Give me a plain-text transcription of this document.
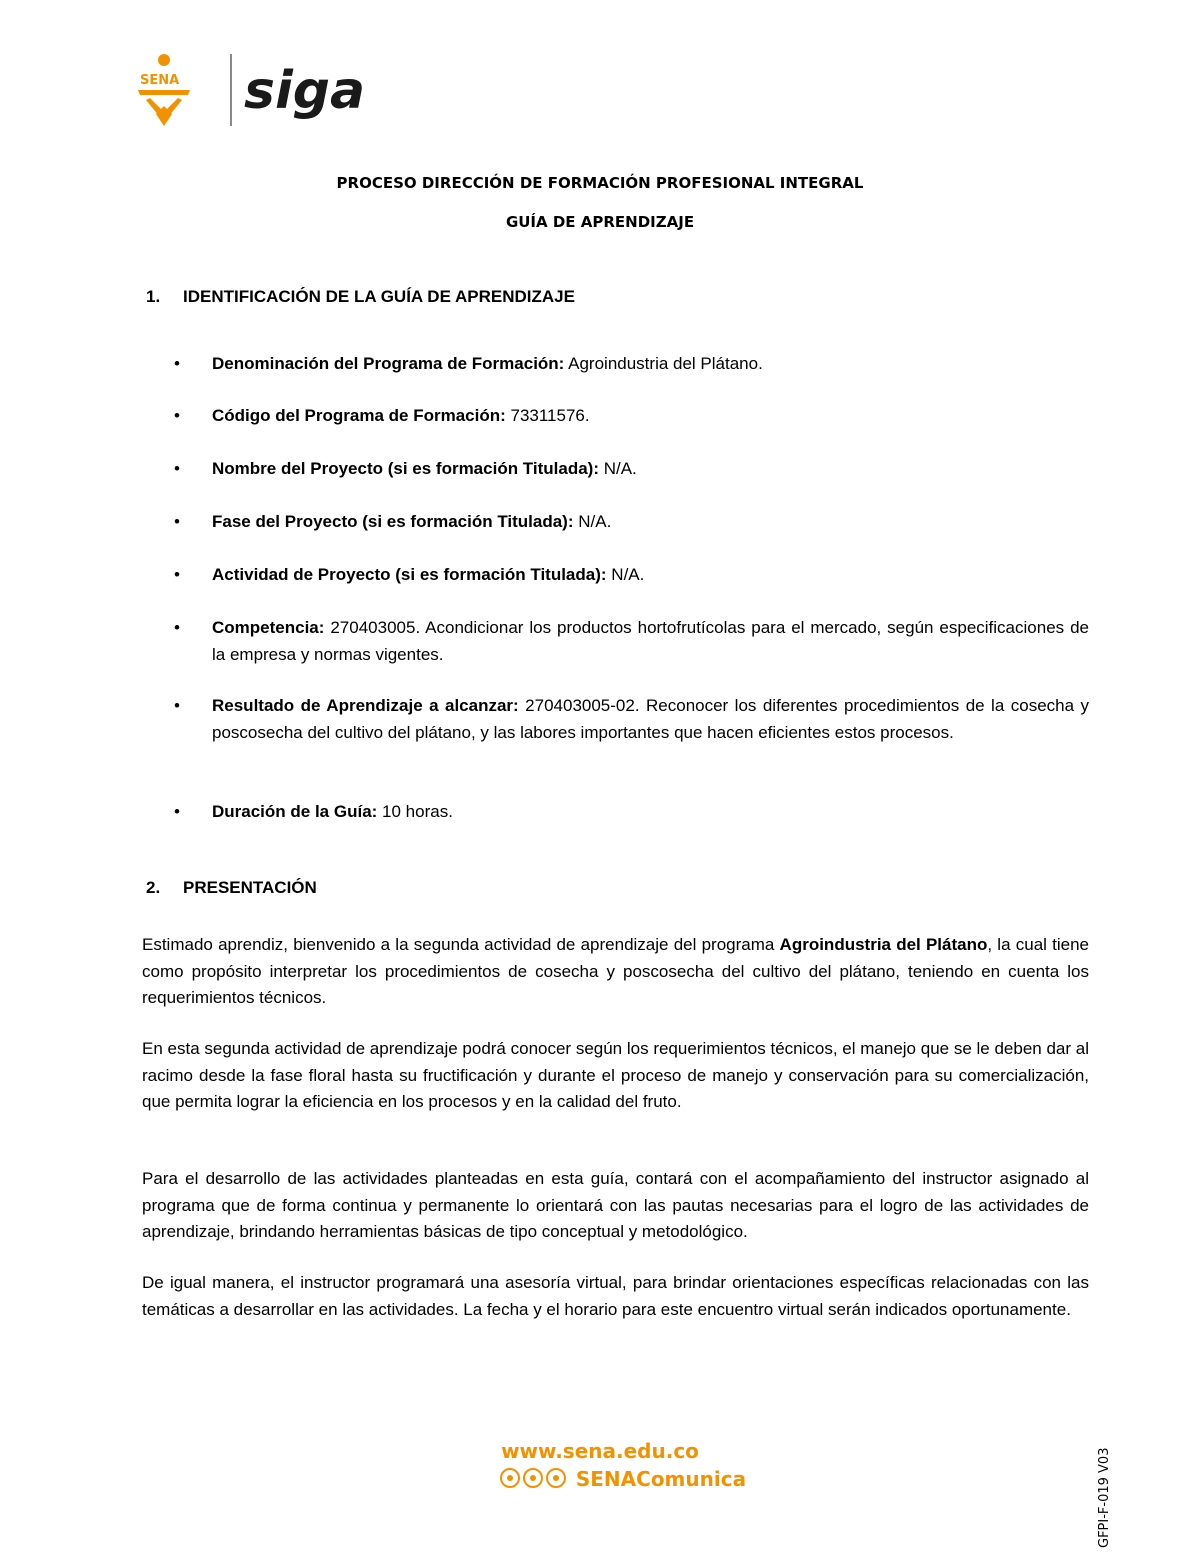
SENA siga
PROCESO DIRECCIÓN DE FORMACIÓN PROFESIONAL INTEGRAL
GUÍA DE APRENDIZAJE
1. IDENTIFICACIÓN DE LA GUÍA DE APRENDIZAJE
• Denominación del Programa de Formación: Agroindustria del Plátano.
• Código del Programa de Formación: 73311576.
• Nombre del Proyecto (si es formación Titulada): N/A.
• Fase del Proyecto (si es formación Titulada): N/A.
• Actividad de Proyecto (si es formación Titulada): N/A.
• Competencia: 270403005. Acondicionar los productos hortofrutícolas para el mercado, según especificaciones de la empresa y normas vigentes.
• Resultado de Aprendizaje a alcanzar: 270403005-02. Reconocer los diferentes procedimientos de la cosecha y poscosecha del cultivo del plátano, y las labores importantes que hacen eficientes estos procesos.
• Duración de la Guía: 10 horas.
2. PRESENTACIÓN
Estimado aprendiz, bienvenido a la segunda actividad de aprendizaje del programa Agroindustria del Plátano, la cual tiene como propósito interpretar los procedimientos de cosecha y poscosecha del cultivo del plátano, teniendo en cuenta los requerimientos técnicos.
En esta segunda actividad de aprendizaje podrá conocer según los requerimientos técnicos, el manejo que se le deben dar al racimo desde la fase floral hasta su fructificación y durante el proceso de manejo y conservación para su comercialización, que permita lograr la eficiencia en los procesos y en la calidad del fruto.
Para el desarrollo de las actividades planteadas en esta guía, contará con el acompañamiento del instructor asignado al programa que de forma continua y permanente lo orientará con las pautas necesarias para el logro de las actividades de aprendizaje, brindando herramientas básicas de tipo conceptual y metodológico.
De igual manera, el instructor programará una asesoría virtual, para brindar orientaciones específicas relacionadas con las temáticas a desarrollar en las actividades. La fecha y el horario para este encuentro virtual serán indicados oportunamente.
www.sena.edu.co
SENAComunica	GFPI-F-019 V03
